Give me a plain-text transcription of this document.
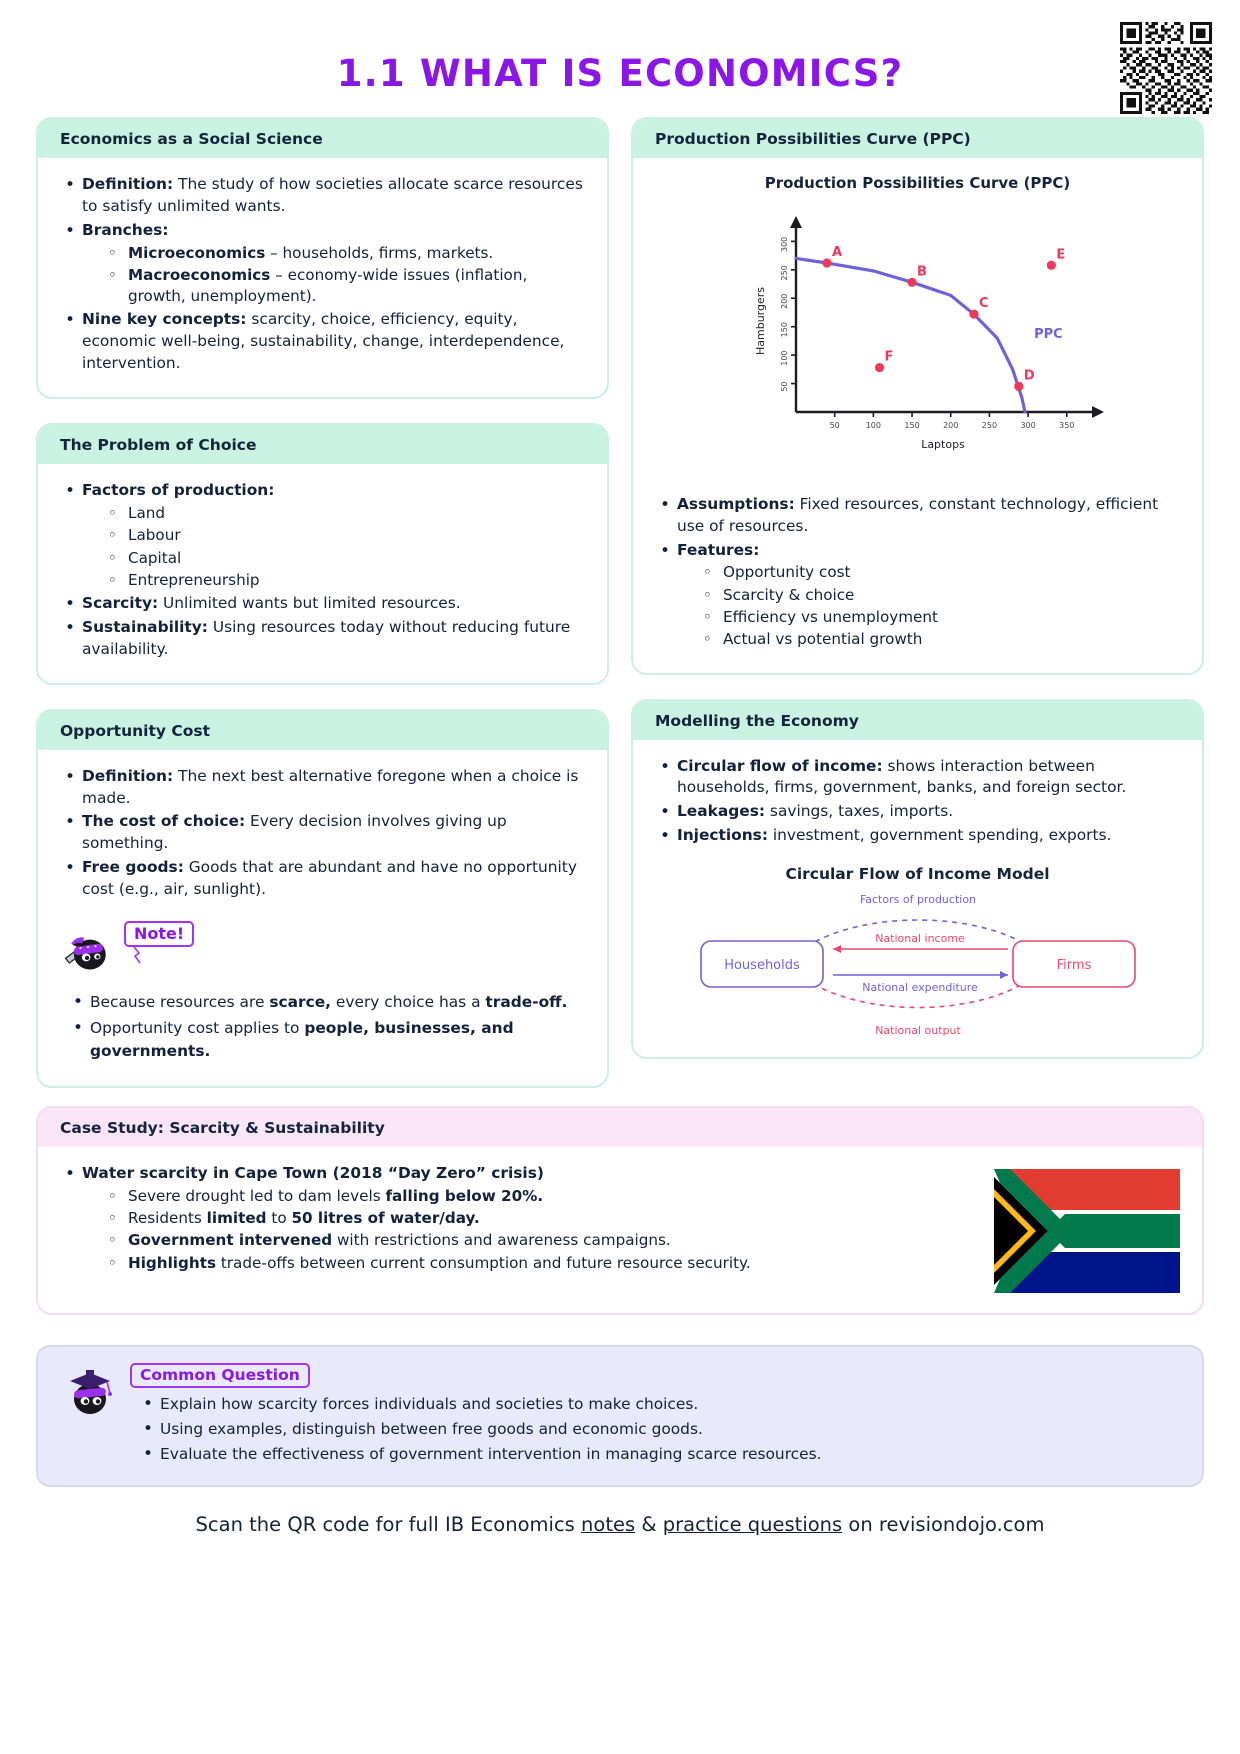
1.1 WHAT IS ECONOMICS?
Economics as a Social Science
• Definition: The study of how societies allocate scarce resources to satisfy unlimited wants.
• Branches:
◦ Microeconomics – households, firms, markets.
◦ Macroeconomics – economy-wide issues (inflation, growth, unemployment).
• Nine key concepts: scarcity, choice, efficiency, equity, economic well-being, sustainability, change, interdependence, intervention.
The Problem of Choice
• Factors of production:
◦ Land
◦ Labour
◦ Capital
◦ Entrepreneurship
• Scarcity: Unlimited wants but limited resources.
• Sustainability: Using resources today without reducing future availability.
Opportunity Cost
• Definition: The next best alternative foregone when a choice is made.
• The cost of choice: Every decision involves giving up something.
• Free goods: Goods that are abundant and have no opportunity cost (e.g., air, sunlight).
Note!
• Because resources are scarce, every choice has a trade-off.
• Opportunity cost applies to people, businesses, and governments.
Production Possibilities Curve (PPC)
Production Possibilities Curve (PPC)
50
100
150
200
250
300
50	100	150	200	250	300	350
Hamburgers
Laptops
PPC
A
B
C
D
E
F
• Assumptions: Fixed resources, constant technology, efficient use of resources.
• Features:
◦ Opportunity cost
◦ Scarcity & choice
◦ Efficiency vs unemployment
◦ Actual vs potential growth
Modelling the Economy
• Circular flow of income: shows interaction between households, firms, government, banks, and foreign sector.
• Leakages: savings, taxes, imports.
• Injections: investment, government spending, exports.
Circular Flow of Income Model
Factors of production
National output
Households	Firms
National income
National expenditure
Case Study: Scarcity & Sustainability
• Water scarcity in Cape Town (2018 “Day Zero” crisis)
◦ Severe drought led to dam levels falling below 20%.
◦ Residents limited to 50 litres of water/day.
◦ Government intervened with restrictions and awareness campaigns.
◦ Highlights trade-offs between current consumption and future resource security.
Common Question
• Explain how scarcity forces individuals and societies to make choices.
• Using examples, distinguish between free goods and economic goods.
• Evaluate the effectiveness of government intervention in managing scarce resources.
Scan the QR code for full IB Economics notes & practice questions on revisiondojo.com
